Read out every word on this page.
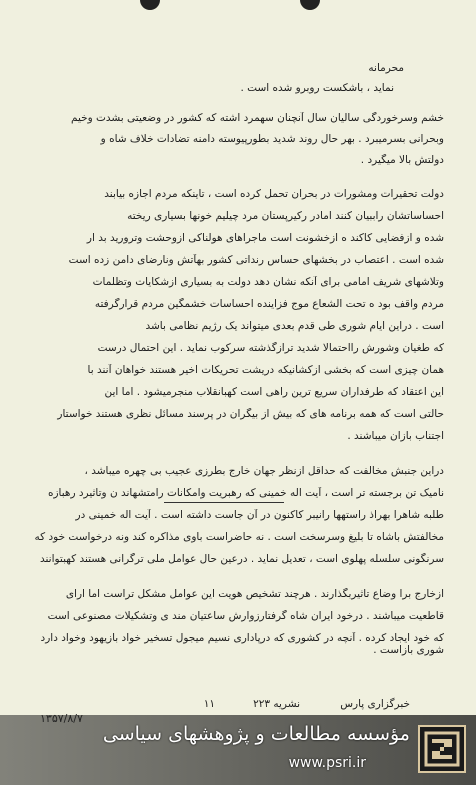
محرمانه
نماید ، باشکست روبرو شده است .
خشم وسرخوردگی سالیان سال آنچنان سهمرد اشته که کشور در وضعیتی بشدت وخیم
وبحرانی بسرمیبرد . بهر حال روند شدید بطورپیوسته دامنه تضادات خلاف شاه و
دولتش بالا میگیرد .
دولت تحقیرات ومشورات در بحران تحمل کرده است ، تاینکه مردم اجازه بیابند
احساساتشان راببیان کنند امادر رکیرپستان مرد چیلیم خونها بسیاری ریخته
شده و ازفضایی کاکند ه ازخشونت است ماجراهای هولناکی ازوحشت وترورید بد ار
شده است . اعتصاب در بخشهای حساس رنداتی کشور بهآتش ونارضای دامن زده است
وتلاشهای شریف امامی برای آنکه نشان دهد دولت به بسیاری ازشکایات وتظلمات
مردم واقف بود ه تحت الشعاع موج فزاینده احساسات خشمگین مردم قرارگرفته
است . دراین ایام شوری طی قدم بعدی میتواند یک رژیم نظامی باشد
که طغیان وشورش رااحتمالا شدید ترازگذشته سرکوب نماید . این احتمال درست
همان چیزی است که بخشی ازکشانیکه دریشت تحریکات اخیر هستند خواهان آنند با
این اعتقاد که طرفداران سریع ترین راهی است کهبانقلاب منجرمیشود . اما این
حالتی است که همه برنامه های که بیش از بیگران در پرسند مسائل نظری هستند خواستار
اجتناب بازان میباشند .
دراین جنبش مخالفت که حداقل ازنظر جهان خارج بطرزی عجیب بی چهره میباشد ،
نامیک تن برجسته تر است ، آیت اله خمینی که رهبریت وامکانات رامتشهاند ن وتاثیرد رهبازه
طلبه شاهرا بهراذ راستهها رانیبر کاکنون در آن جاست داشته است . آیت اله خمینی در
مخالفتش باشاه تا بلیغ وسرسخت است . نه حاضراست باوی مذاکره کند ونه درخواست خود که
سرنگونی سلسله پهلوی است ، تعدیل نماید . درعین حال عوامل ملی ترگرانی هستند کهبتوانند
ازخارج برا وضاع تاثیربگذارند . هرچند تشخیص هویت این عوامل مشکل تراست اما ارای
قاطعیت میباشند . درخود ایران شاه گرفتارزوارش ساعتیان مند ی وتشکیلات مصنوعی است
که خود ایجاد کرده . آنچه در کشوری که درپاداری نسیم میجول تسخیر خواد بازیهود وخواد دارد شوری بازاست .
۱۱	نشریه ۲۲۳	خبرگزاری پارس
مؤسسه مطالعات و پژوهشهای سیاسی
www.psri.ir
